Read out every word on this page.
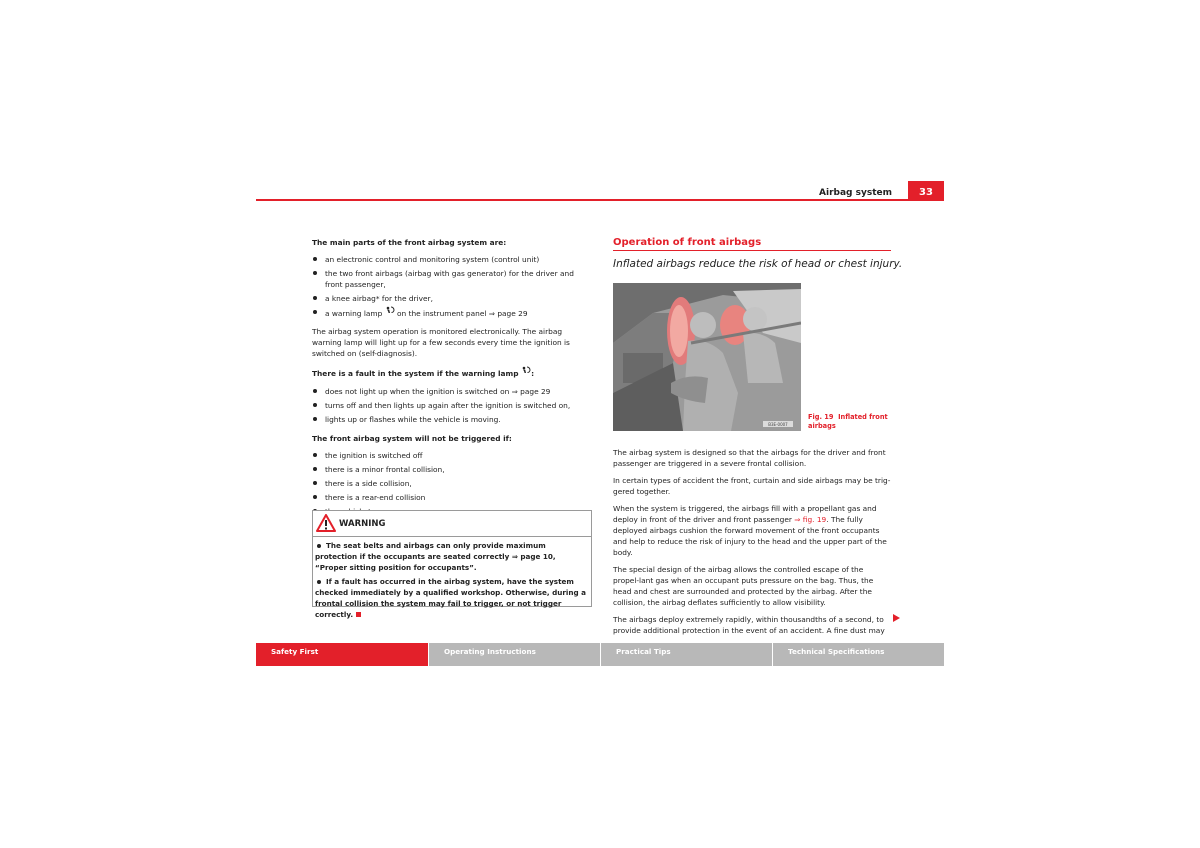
Airbag system	33

The main parts of the front airbag system are:

an electronic control and monitoring system (control unit)
the two front airbags (airbag with gas generator) for the driver and front passenger,
a knee airbag* for the driver,
a warning lamp on the instrument panel ⇒ page 29

The airbag system operation is monitored electronically. The airbag warning lamp will light up for a few seconds every time the ignition is switched on (self-diagnosis).

There is a fault in the system if the warning lamp :

does not light up when the ignition is switched on ⇒ page 29
turns off and then lights up again after the ignition is switched on,
lights up or flashes while the vehicle is moving.

The front airbag system will not be triggered if:

the ignition is switched off
there is a minor frontal collision,
there is a side collision,
there is a rear-end collision
WARNING

The seat belts and airbags can only provide maximum protection if the occupants are seated correctly ⇒ page 10, “Proper sitting position for occupants”.

If a fault has occurred in the airbag system, have the system checked immediately by a qualified workshop. Otherwise, during a frontal collision the system may fail to trigger, or not trigger correctly.

Operation of front airbags
Inflated airbags reduce the risk of head or chest injury.
B3E-0007
Fig. 19 Inflated front airbags

The airbag system is designed so that the airbags for the driver and front passenger are triggered in a severe frontal collision.

In certain types of accident the front, curtain and side airbags may be trig-gered together.

When the system is triggered, the airbags fill with a propellant gas and deploy in front of the driver and front passenger ⇒ fig. 19. The fully deployed airbags cushion the forward movement of the front occupants and help to reduce the risk of injury to the head and the upper part of the body.

The special design of the airbag allows the controlled escape of the propel-lant gas when an occupant puts pressure on the bag. Thus, the head and chest are surrounded and protected by the airbag. After the collision, the airbag deflates sufficiently to allow visibility.

The airbags deploy extremely rapidly, within thousandths of a second, to provide additional protection in the event of an accident. A fine dust may

Safety First	Operating Instructions	Practical Tips	Technical Specifications
